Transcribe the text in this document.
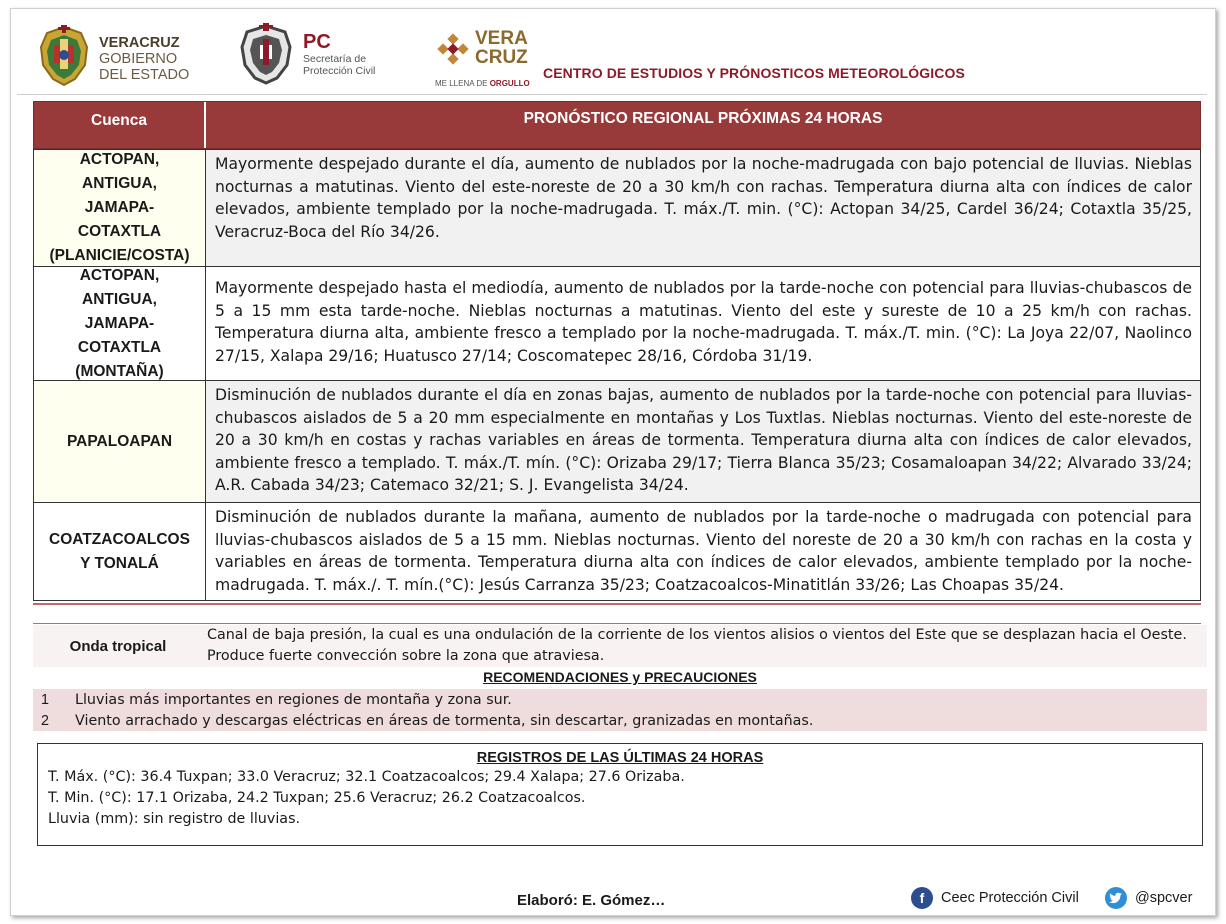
VERACRUZ
GOBIERNO
DEL ESTADO
PC
Secretaría de
Protección Civil
VERA
CRUZ
ME LLENA DE ORGULLO
CENTRO DE ESTUDIOS Y PRÓNOSTICOS METEOROLÓGICOS
Cuenca	PRONÓSTICO REGIONAL PRÓXIMAS 24 HORAS
ACTOPAN,
ANTIGUA,
JAMAPA-
COTAXTLA
(PLANICIE/COSTA)
Mayormente despejado durante el día, aumento de nublados por la noche-madrugada con bajo potencial de lluvias. Nieblas nocturnas a matutinas. Viento del este-noreste de 20 a 30 km/h con rachas. Temperatura diurna alta con índices de calor elevados, ambiente templado por la noche-madrugada. T. máx./T. min. (°C): Actopan 34/25, Cardel 36/24; Cotaxtla 35/25, Veracruz-Boca del Río 34/26.
ACTOPAN,
ANTIGUA,
JAMAPA-
COTAXTLA
(MONTAÑA)
Mayormente despejado hasta el mediodía, aumento de nublados por la tarde-noche con potencial para lluvias-chubascos de 5 a 15 mm esta tarde-noche. Nieblas nocturnas a matutinas. Viento del este y sureste de 10 a 25 km/h con rachas. Temperatura diurna alta, ambiente fresco a templado por la noche-madrugada. T. máx./T. min. (°C): La Joya 22/07, Naolinco 27/15, Xalapa 29/16; Huatusco 27/14; Coscomatepec 28/16, Córdoba 31/19.
PAPALOAPAN
Disminución de nublados durante el día en zonas bajas, aumento de nublados por la tarde-noche con potencial para lluvias-chubascos aislados de 5 a 20 mm especialmente en montañas y Los Tuxtlas. Nieblas nocturnas. Viento del este-noreste de 20 a 30 km/h en costas y rachas variables en áreas de tormenta. Temperatura diurna alta con índices de calor elevados, ambiente fresco a templado. T. máx./T. mín. (°C): Orizaba 29/17; Tierra Blanca 35/23; Cosamaloapan 34/22; Alvarado 33/24; A.R. Cabada 34/23; Catemaco 32/21; S. J. Evangelista 34/24.
COATZACOALCOS
Y TONALÁ
Disminución de nublados durante la mañana, aumento de nublados por la tarde-noche o madrugada con potencial para lluvias-chubascos aislados de 5 a 15 mm. Nieblas nocturnas. Viento del noreste de 20 a 30 km/h con rachas en la costa y variables en áreas de tormenta. Temperatura diurna alta con índices de calor elevados, ambiente templado por la noche-madrugada. T. máx./. T. mín.(°C): Jesús Carranza 35/23; Coatzacoalcos-Minatitlán 33/26; Las Choapas 35/24.
Onda tropical
Canal de baja presión, la cual es una ondulación de la corriente de los vientos alisios o vientos del Este que se desplazan hacia el Oeste. Produce fuerte convección sobre la zona que atraviesa.
RECOMENDACIONES y PRECAUCIONES
1	Lluvias más importantes en regiones de montaña y zona sur.
2	Viento arrachado y descargas eléctricas en áreas de tormenta, sin descartar, granizadas en montañas.
REGISTROS DE LAS ÚLTIMAS 24 HORAS
T. Máx. (°C): 36.4 Tuxpan; 33.0 Veracruz; 32.1 Coatzacoalcos; 29.4 Xalapa; 27.6 Orizaba.
T. Min. (°C): 17.1 Orizaba, 24.2 Tuxpan; 25.6 Veracruz; 26.2 Coatzacoalcos.
Lluvia (mm): sin registro de lluvias.
Elaboró: E. Gómez…	f	Ceec Protección Civil	@spcver
